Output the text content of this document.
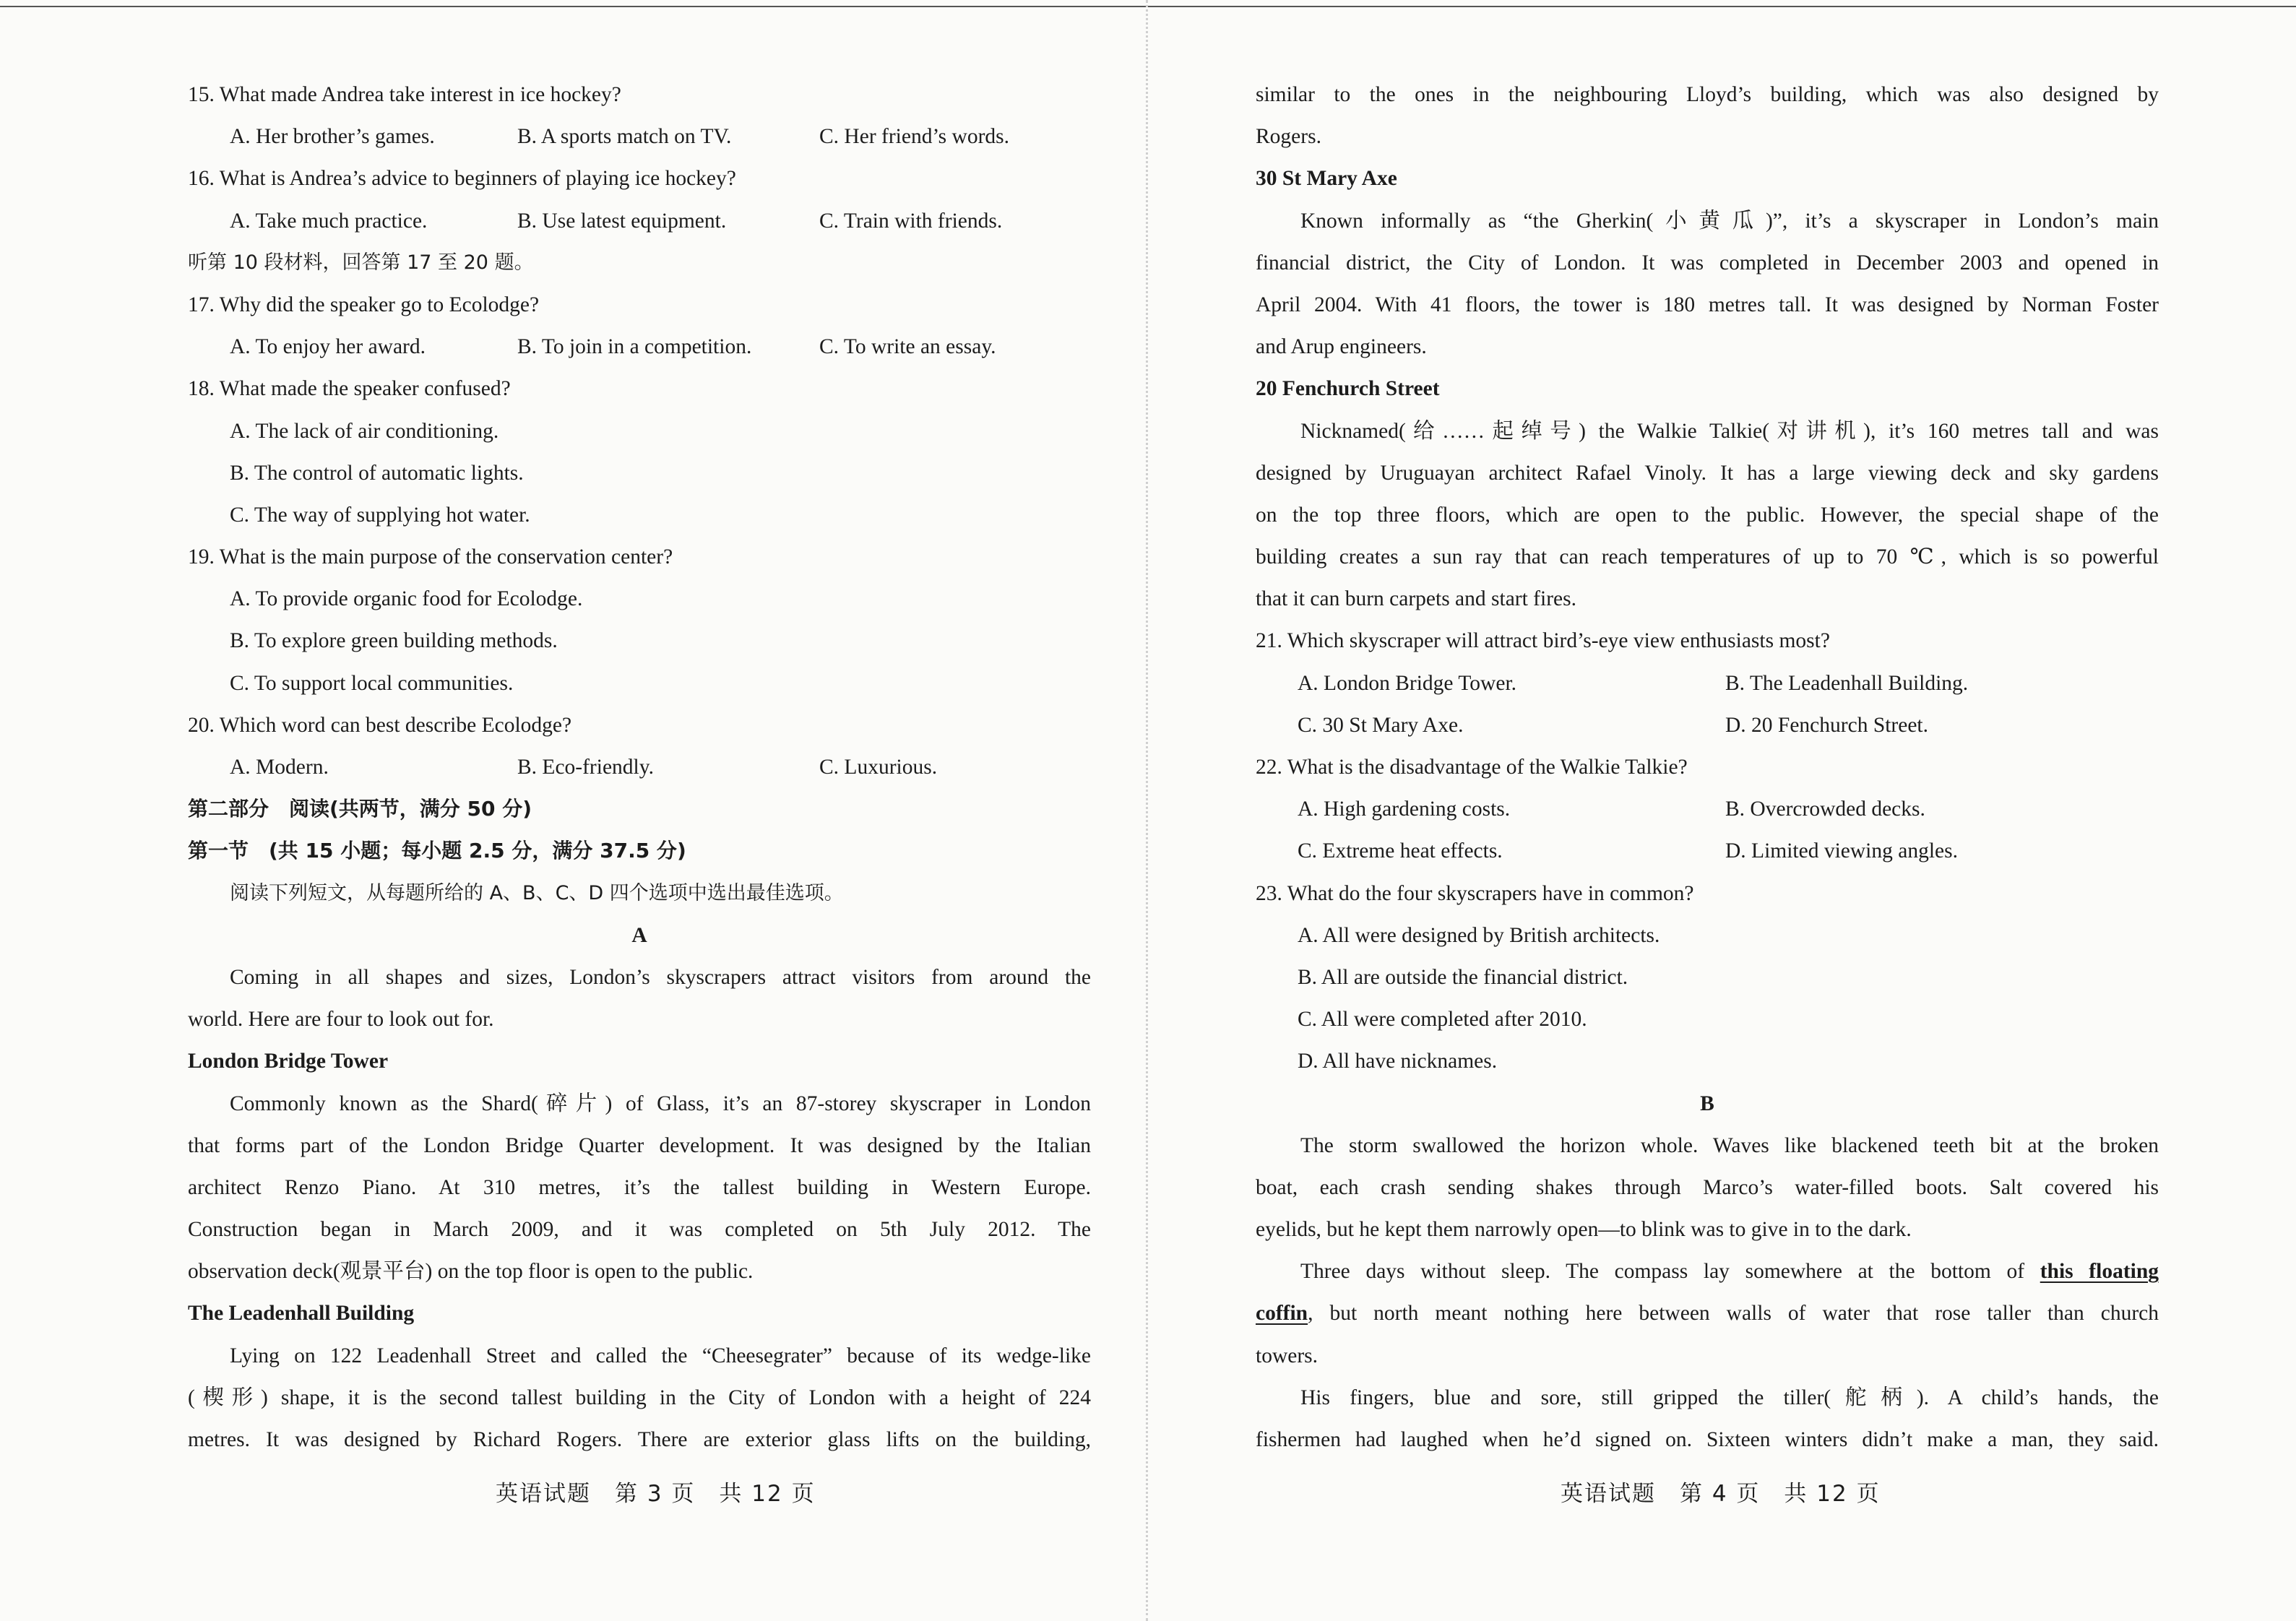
15. What made Andrea take interest in ice hockey?
A. Her brother’s games.	B. A sports match on TV.	C. Her friend’s words.
16. What is Andrea’s advice to beginners of playing ice hockey?
A. Take much practice.	B. Use latest equipment.	C. Train with friends.
听第 10 段材料，回答第 17 至 20 题。
17. Why did the speaker go to Ecolodge?
A. To enjoy her award.	B. To join in a competition.	C. To write an essay.
18. What made the speaker confused?
A. The lack of air conditioning.
B. The control of automatic lights.
C. The way of supplying hot water.
19. What is the main purpose of the conservation center?
A. To provide organic food for Ecolodge.
B. To explore green building methods.
C. To support local communities.
20. Which word can best describe Ecolodge?
A. Modern.	B. Eco-friendly.	C. Luxurious.
第二部分　阅读(共两节，满分 50 分)
第一节　(共 15 小题；每小题 2.5 分，满分 37.5 分)
阅读下列短文，从每题所给的 A、B、C、D 四个选项中选出最佳选项。
A
Coming in all shapes and sizes, London’s skyscrapers attract visitors from around the
world. Here are four to look out for.
London Bridge Tower
Commonly known as the Shard(碎片) of Glass, it’s an 87-storey skyscraper in London
that forms part of the London Bridge Quarter development. It was designed by the Italian
architect Renzo Piano. At 310 metres, it’s the tallest building in Western Europe.
Construction began in March 2009, and it was completed on 5th July 2012. The
observation deck(观景平台) on the top floor is open to the public.
The Leadenhall Building
Lying on 122 Leadenhall Street and called the “Cheesegrater” because of its wedge-like
(楔形) shape, it is the second tallest building in the City of London with a height of 224
metres. It was designed by Richard Rogers. There are exterior glass lifts on the building,
英语试题　第 3 页　共 12 页
similar to the ones in the neighbouring Lloyd’s building, which was also designed by
Rogers.
30 St Mary Axe
Known informally as “the Gherkin(小黄瓜)”, it’s a skyscraper in London’s main
financial district, the City of London. It was completed in December 2003 and opened in
April 2004. With 41 floors, the tower is 180 metres tall. It was designed by Norman Foster
and Arup engineers.
20 Fenchurch Street
Nicknamed(给……起绰号) the Walkie Talkie(对讲机), it’s 160 metres tall and was
designed by Uruguayan architect Rafael Vinoly. It has a large viewing deck and sky gardens
on the top three floors, which are open to the public. However, the special shape of the
building creates a sun ray that can reach temperatures of up to 70 ℃, which is so powerful
that it can burn carpets and start fires.
21. Which skyscraper will attract bird’s-eye view enthusiasts most?
A. London Bridge Tower.	B. The Leadenhall Building.
C. 30 St Mary Axe.	D. 20 Fenchurch Street.
22. What is the disadvantage of the Walkie Talkie?
A. High gardening costs.	B. Overcrowded decks.
C. Extreme heat effects.	D. Limited viewing angles.
23. What do the four skyscrapers have in common?
A. All were designed by British architects.
B. All are outside the financial district.
C. All were completed after 2010.
D. All have nicknames.
B
The storm swallowed the horizon whole. Waves like blackened teeth bit at the broken
boat, each crash sending shakes through Marco’s water-filled boots. Salt covered his
eyelids, but he kept them narrowly open—to blink was to give in to the dark.
Three days without sleep. The compass lay somewhere at the bottom of this floating
coffin, but north meant nothing here between walls of water that rose taller than church
towers.
His fingers, blue and sore, still gripped the tiller(舵柄). A child’s hands, the
fishermen had laughed when he’d signed on. Sixteen winters didn’t make a man, they said.
英语试题　第 4 页　共 12 页
